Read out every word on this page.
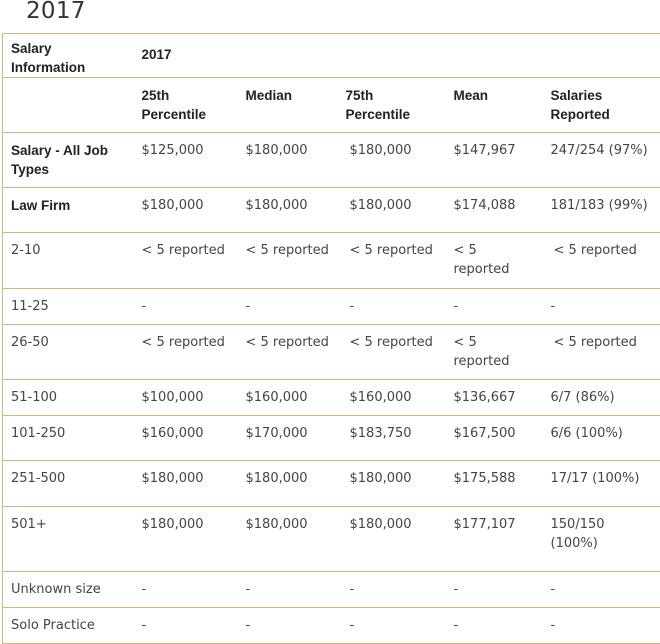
2017
Salary Information	2017				

	25th Percentile	Median	75th Percentile	Mean	Salaries Reported

Salary - All Job Types	$125,000	$180,000	$180,000	$147,967	247/254 (97%)

Law Firm	$180,000	$180,000	$180,000	$174,088	181/183 (99%)

2-10	< 5 reported	< 5 reported	< 5 reported	< 5 reported	< 5 reported

11-25	-	-	-	-	-

26-50	< 5 reported	< 5 reported	< 5 reported	< 5 reported	< 5 reported

51-100	$100,000	$160,000	$160,000	$136,667	6/7 (86%)

101-250	$160,000	$170,000	$183,750	$167,500	6/6 (100%)

251-500	$180,000	$180,000	$180,000	$175,588	17/17 (100%)

501+	$180,000	$180,000	$180,000	$177,107	150/150 (100%)

Unknown size	-	-	-	-	-

Solo Practice	-	-	-	-	-
